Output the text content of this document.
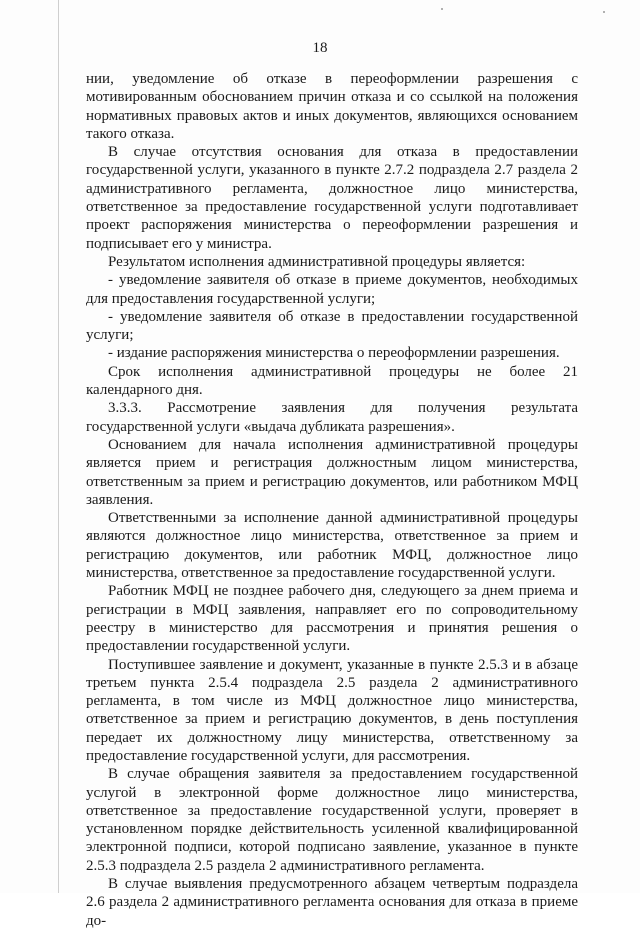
18

нии, уведомление об отказе в переоформлении разрешения с мотивированным обоснованием причин отказа и со ссылкой на положения нормативных правовых актов и иных документов, являющихся основанием такого отказа.

В случае отсутствия основания для отказа в предоставлении государственной услуги, указанного в пункте 2.7.2 подраздела 2.7 раздела 2 административного регламента, должностное лицо министерства, ответственное за предоставление государственной услуги подготавливает проект распоряжения министерства о переоформлении разрешения и подписывает его у министра.

Результатом исполнения административной процедуры является:

- уведомление заявителя об отказе в приеме документов, необходимых для предоставления государственной услуги;

- уведомление заявителя об отказе в предоставлении государственной услуги;

- издание распоряжения министерства о переоформлении разрешения.

Срок исполнения административной процедуры не более 21 календарного дня.

3.3.3. Рассмотрение заявления для получения результата государственной услуги «выдача дубликата разрешения».

Основанием для начала исполнения административной процедуры является прием и регистрация должностным лицом министерства, ответственным за прием и регистрацию документов, или работником МФЦ заявления.

Ответственными за исполнение данной административной процедуры являются должностное лицо министерства, ответственное за прием и регистрацию документов, или работник МФЦ, должностное лицо министерства, ответственное за предоставление государственной услуги.

Работник МФЦ не позднее рабочего дня, следующего за днем приема и регистрации в МФЦ заявления, направляет его по сопроводительному реестру в министерство для рассмотрения и принятия решения о предоставлении государственной услуги.

Поступившее заявление и документ, указанные в пункте 2.5.3 и в абзаце третьем пункта 2.5.4 подраздела 2.5 раздела 2 административного регламента, в том числе из МФЦ должностное лицо министерства, ответственное за прием и регистрацию документов, в день поступления передает их должностному лицу министерства, ответственному за предоставление государственной услуги, для рассмотрения.

В случае обращения заявителя за предоставлением государственной услугой в электронной форме должностное лицо министерства, ответственное за предоставление государственной услуги, проверяет в установленном порядке действительность усиленной квалифицированной электронной подписи, которой подписано заявление, указанное в пункте 2.5.3 подраздела 2.5 раздела 2 административного регламента.

В случае выявления предусмотренного абзацем четвертым подраздела 2.6 раздела 2 административного регламента основания для отказа в приеме до-
